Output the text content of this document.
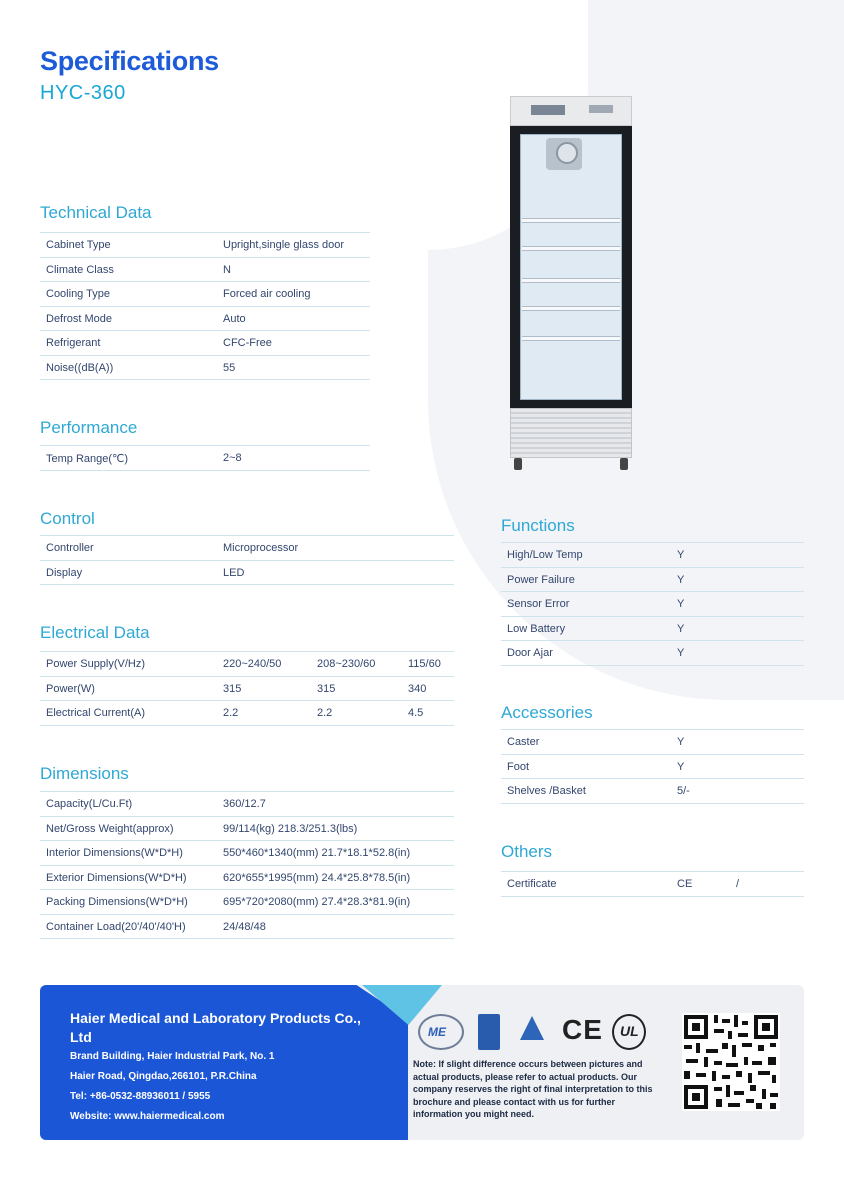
Specifications
HYC-360
Technical Data
Cabinet Type	Upright,single glass door
Climate Class	N
Cooling Type	Forced air cooling
Defrost Mode	Auto
Refrigerant	CFC-Free
Noise((dB(A))	55
Performance
Temp Range(℃)	2~8
Control
Controller	Microprocessor
Display	LED
Electrical Data
Power Supply(V/Hz)	220~240/50	208~230/60	115/60
Power(W)	315	315	340
Electrical Current(A)	2.2	2.2	4.5
Dimensions
Capacity(L/Cu.Ft)	360/12.7
Net/Gross Weight(approx)	99/114(kg) 218.3/251.3(lbs)
Interior Dimensions(W*D*H)	550*460*1340(mm) 21.7*18.1*52.8(in)
Exterior Dimensions(W*D*H)	620*655*1995(mm) 24.4*25.8*78.5(in)
Packing Dimensions(W*D*H)	695*720*2080(mm) 27.4*28.3*81.9(in)
Container Load(20'/40'/40'H)	24/48/48
Functions
High/Low Temp	Y
Power Failure	Y
Sensor Error	Y
Low Battery	Y
Door Ajar	Y
Accessories
Caster	Y
Foot	Y
Shelves /Basket	5/-
Others
Certificate	CE	/
Haier Medical and Laboratory Products Co., Ltd
Brand Building, Haier Industrial Park, No. 1
Haier Road, Qingdao,266101, P.R.China
Tel: +86-0532-88936011 / 5955
Website: www.haiermedical.com
ME	CE UL
Note: If slight difference occurs between pictures and actual products, please refer to actual products. Our company reserves the right of final interpretation to this brochure and please contact with us for further information you might need.
